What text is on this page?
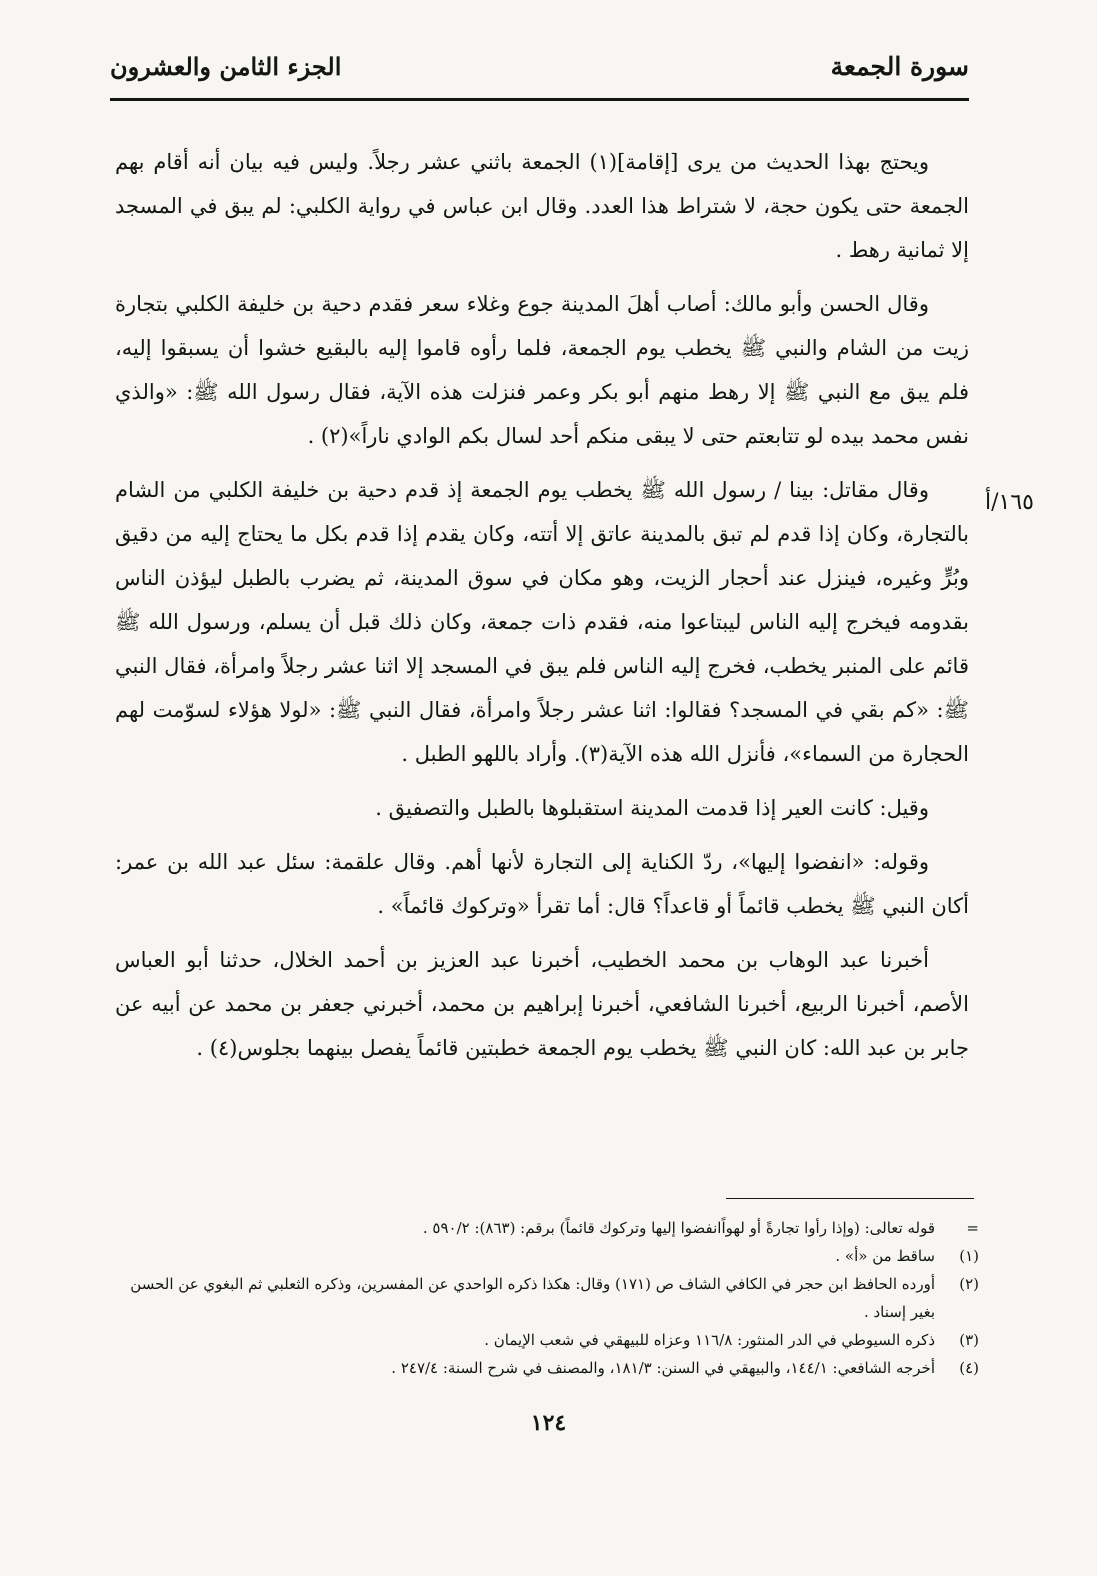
سورة الجمعة
الجزء الثامن والعشرون
١٦٥/أ

ويحتج بهذا الحديث من يرى [إقامة](١) الجمعة باثني عشر رجلاً. وليس فيه بيان أنه أقام بهم الجمعة حتى يكون حجة، لا شتراط هذا العدد. وقال ابن عباس في رواية الكلبي: لم يبق في المسجد إلا ثمانية رهط .

وقال الحسن وأبو مالك: أصاب أهلَ المدينة جوع وغلاء سعر فقدم دحية بن خليفة الكلبي بتجارة زيت من الشام والنبي ﷺ يخطب يوم الجمعة، فلما رأوه قاموا إليه بالبقيع خشوا أن يسبقوا إليه، فلم يبق مع النبي ﷺ إلا رهط منهم أبو بكر وعمر فنزلت هذه الآية، فقال رسول الله ﷺ: «والذي نفس محمد بيده لو تتابعتم حتى لا يبقى منكم أحد لسال بكم الوادي ناراً»(٢) .

وقال مقاتل: بينا / رسول الله ﷺ يخطب يوم الجمعة إذ قدم دحية بن خليفة الكلبي من الشام بالتجارة، وكان إذا قدم لم تبق بالمدينة عاتق إلا أتته، وكان يقدم إذا قدم بكل ما يحتاج إليه من دقيق وبُرٍّ وغيره، فينزل عند أحجار الزيت، وهو مكان في سوق المدينة، ثم يضرب بالطبل ليؤذن الناس بقدومه فيخرج إليه الناس ليبتاعوا منه، فقدم ذات جمعة، وكان ذلك قبل أن يسلم، ورسول الله ﷺ قائم على المنبر يخطب، فخرج إليه الناس فلم يبق في المسجد إلا اثنا عشر رجلاً وامرأة، فقال النبي ﷺ: «كم بقي في المسجد؟ فقالوا: اثنا عشر رجلاً وامرأة، فقال النبي ﷺ: «لولا هؤلاء لسوّمت لهم الحجارة من السماء»، فأنزل الله هذه الآية(٣). وأراد باللهو الطبل .

وقيل: كانت العير إذا قدمت المدينة استقبلوها بالطبل والتصفيق .

وقوله: «انفضوا إليها»، ردّ الكناية إلى التجارة لأنها أهم. وقال علقمة: سئل عبد الله بن عمر: أكان النبي ﷺ يخطب قائماً أو قاعداً؟ قال: أما تقرأ «وتركوك قائماً» .

أخبرنا عبد الوهاب بن محمد الخطيب، أخبرنا عبد العزيز بن أحمد الخلال، حدثنا أبو العباس الأصم، أخبرنا الربيع، أخبرنا الشافعي، أخبرنا إبراهيم بن محمد، أخبرني جعفر بن محمد عن أبيه عن جابر بن عبد الله: كان النبي ﷺ يخطب يوم الجمعة خطبتين قائماً يفصل بينهما بجلوس(٤) .

=
قوله تعالى: (وإذا رأوا تجارةً أو لهواًانفضوا إليها وتركوك قائماً) برقم: (٨٦٣): ٥٩٠/٢ .
(١)
ساقط من «أ» .
(٢)
أورده الحافظ ابن حجر في الكافي الشاف ص (١٧١) وقال: هكذا ذكره الواحدي عن المفسرين، وذكره الثعلبي ثم البغوي عن الحسن بغير إسناد .
(٣)
ذكره السيوطي في الدر المنثور: ١١٦/٨ وعزاه للبيهقي في شعب الإيمان .
(٤)
أخرجه الشافعي: ١٤٤/١، والبيهقي في السنن: ١٨١/٣، والمصنف في شرح السنة: ٢٤٧/٤ .
١٢٤
